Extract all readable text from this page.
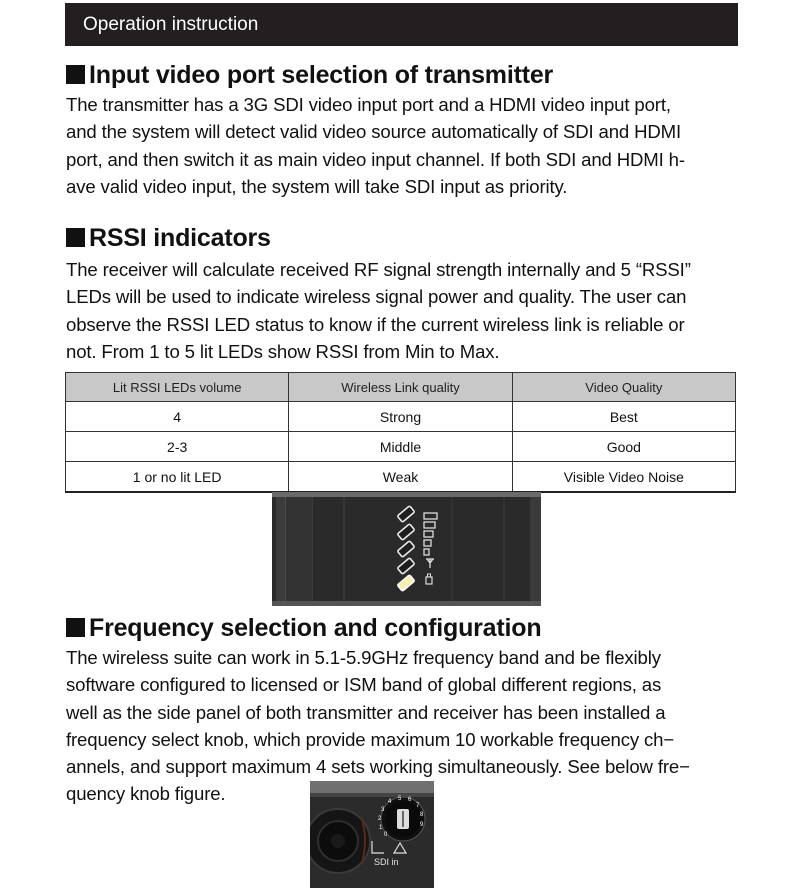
Operation instruction
Input video port selection of transmitter
The transmitter has a 3G SDI video input port and a HDMI video input port,
and the system will detect valid video source automatically of SDI and HDMI
port, and then switch it as main video input channel. If both SDI and HDMI h-
ave valid video input, the system will take SDI input as priority.
RSSI indicators
The receiver will calculate received RF signal strength internally and 5 “RSSI”
LEDs will be used to indicate wireless signal power and quality. The user can
observe the RSSI LED status to know if the current wireless link is reliable or
not. From 1 to 5 lit LEDs show RSSI from Min to Max.
Lit RSSI LEDs volume	Wireless Link quality	Video Quality
4	Strong	Best
2-3	Middle	Good
1 or no lit LED	Weak	Visible Video Noise
Frequency selection and configuration
The wireless suite can work in 5.1-5.9GHz frequency band and be flexibly
software configured to licensed or ISM band of global different regions, as
well as the side panel of both transmitter and receiver has been installed a
frequency select knob, which provide maximum 10 workable frequency ch−
annels, and support maximum 4 sets working simultaneously. See below fre−
quency knob figure.
2
3
4 5 6
7
8
9
1
0
SDI in
